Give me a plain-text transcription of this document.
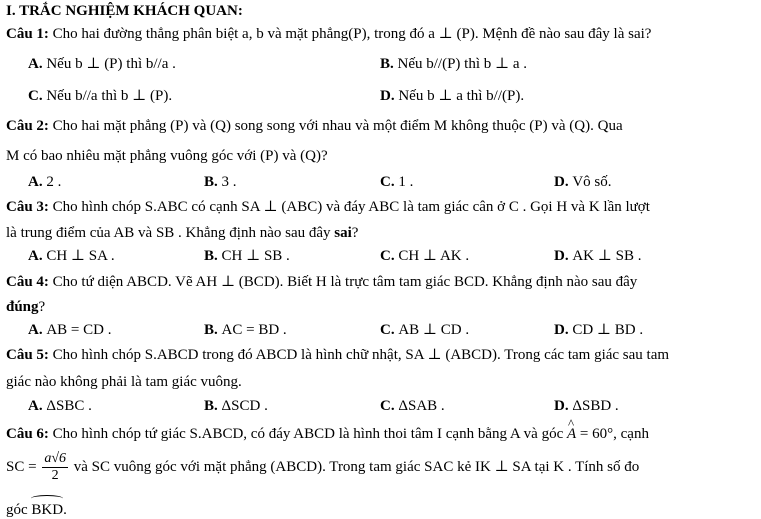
I. TRẮC NGHIỆM KHÁCH QUAN:
Câu 1: Cho hai đường thẳng phân biệt a, b và mặt phẳng(P), trong đó a ⊥ (P). Mệnh đề nào sau đây là sai?
A. Nếu b ⊥ (P) thì b//a .	B. Nếu b//(P) thì b ⊥ a .
C. Nếu b//a thì b ⊥ (P).	D. Nếu b ⊥ a thì b//(P).
Câu 2: Cho hai mặt phẳng (P) và (Q) song song với nhau và một điểm M không thuộc (P) và (Q). Qua
M có bao nhiêu mặt phẳng vuông góc với (P) và (Q)?
A. 2 .	B. 3 .	C. 1 .	D. Vô số.
Câu 3: Cho hình chóp S.ABC có cạnh SA ⊥ (ABC) và đáy ABC là tam giác cân ở C . Gọi H và K lần lượt
là trung điểm của AB và SB . Khẳng định nào sau đây sai?
A. CH ⊥ SA .	B. CH ⊥ SB .	C. CH ⊥ AK .	D. AK ⊥ SB .
Câu 4: Cho tứ diện ABCD. Vẽ AH ⊥ (BCD). Biết H là trực tâm tam giác BCD. Khẳng định nào sau đây
đúng?
A. AB = CD .	B. AC = BD .	C. AB ⊥ CD .	D. CD ⊥ BD .
Câu 5: Cho hình chóp S.ABCD trong đó ABCD là hình chữ nhật, SA ⊥ (ABCD). Trong các tam giác sau tam
giác nào không phải là tam giác vuông.
A. ΔSBC .	B. ΔSCD .	C. ΔSAB .	D. ΔSBD .
Câu 6: Cho hình chóp tứ giác S.ABCD, có đáy ABCD là hình thoi tâm I cạnh bằng A và góc ^ A = 60°, cạnh
SC = $\frac{a√6}{2}$ và SC vuông góc với mặt phẳng (ABCD). Trong tam giác SAC kẻ IK ⊥ SA tại K . Tính số đo
góc BKD.
